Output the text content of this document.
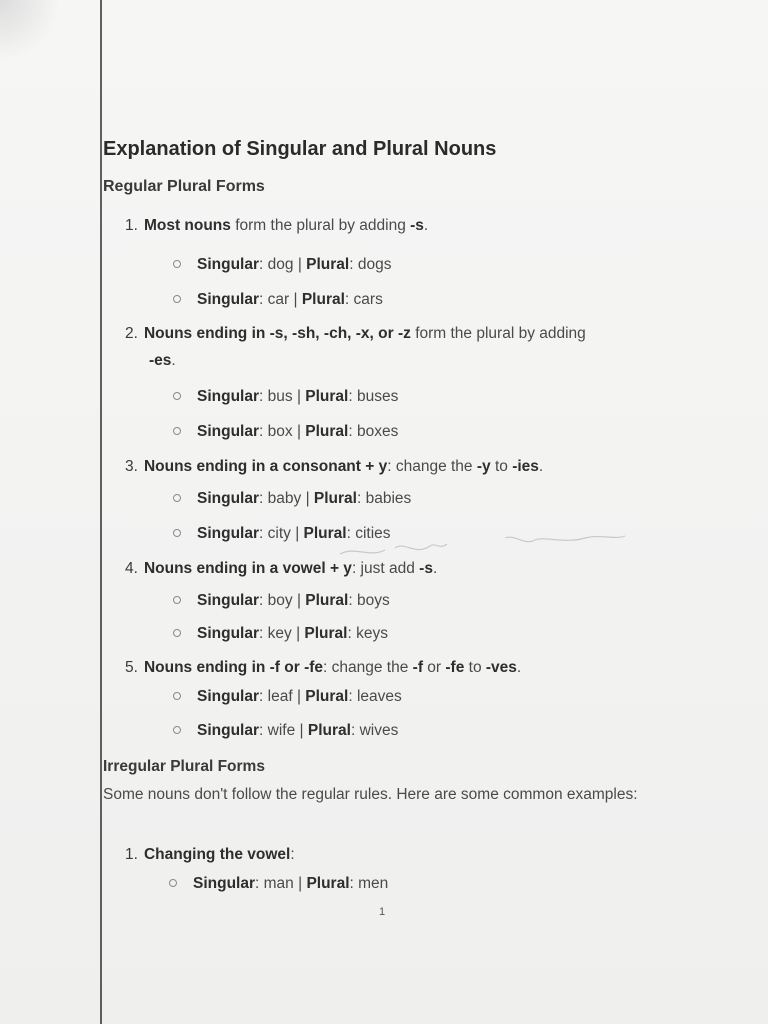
Explanation of Singular and Plural Nouns
Regular Plural Forms
1. Most nouns form the plural by adding -s.
Singular: dog | Plural: dogs
Singular: car | Plural: cars
2. Nouns ending in -s, -sh, -ch, -x, or -z form the plural by adding
-es.
Singular: bus | Plural: buses
Singular: box | Plural: boxes
3. Nouns ending in a consonant + y: change the -y to -ies.
Singular: baby | Plural: babies
Singular: city | Plural: cities
4. Nouns ending in a vowel + y: just add -s.
Singular: boy | Plural: boys
Singular: key | Plural: keys
5. Nouns ending in -f or -fe: change the -f or -fe to -ves.
Singular: leaf | Plural: leaves
Singular: wife | Plural: wives
Irregular Plural Forms
Some nouns don't follow the regular rules. Here are some common examples:
1. Changing the vowel:
Singular: man | Plural: men
1
